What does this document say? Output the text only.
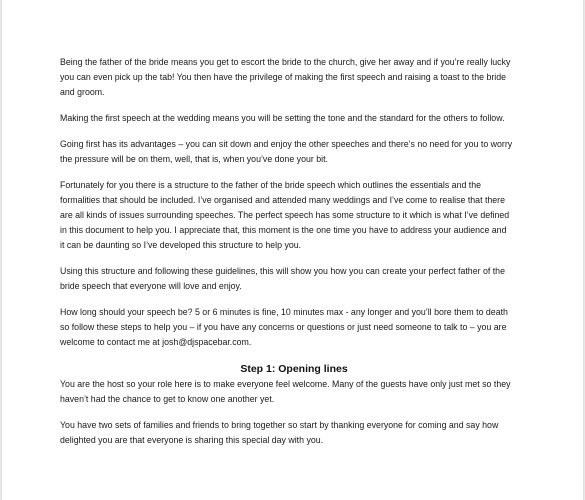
Being the father of the bride means you get to escort the bride to the church, give her away and if you’re really lucky
you can even pick up the tab! You then have the privilege of making the first speech and raising a toast to the bride
and groom.

Making the first speech at the wedding means you will be setting the tone and the standard for the others to follow.

Going first has its advantages – you can sit down and enjoy the other speeches and there’s no need for you to worry
the pressure will be on them, well, that is, when you’ve done your bit.

Fortunately for you there is a structure to the father of the bride speech which outlines the essentials and the
formalities that should be included. I’ve organised and attended many weddings and I’ve come to realise that there
are all kinds of issues surrounding speeches. The perfect speech has some structure to it which is what I’ve defined
in this document to help you. I appreciate that, this moment is the one time you have to address your audience and
it can be daunting so I’ve developed this structure to help you.

Using this structure and following these guidelines, this will show you how you can create your perfect father of the
bride speech that everyone will love and enjoy.

How long should your speech be? 5 or 6 minutes is fine, 10 minutes max - any longer and you’ll bore them to death
so follow these steps to help you – if you have any concerns or questions or just need someone to talk to – you are
welcome to contact me at josh@djspacebar.com.

Step 1: Opening lines

You are the host so your role here is to make everyone feel welcome. Many of the guests have only just met so they
haven’t had the chance to get to know one another yet.

You have two sets of families and friends to bring together so start by thanking everyone for coming and say how
delighted you are that everyone is sharing this special day with you.
